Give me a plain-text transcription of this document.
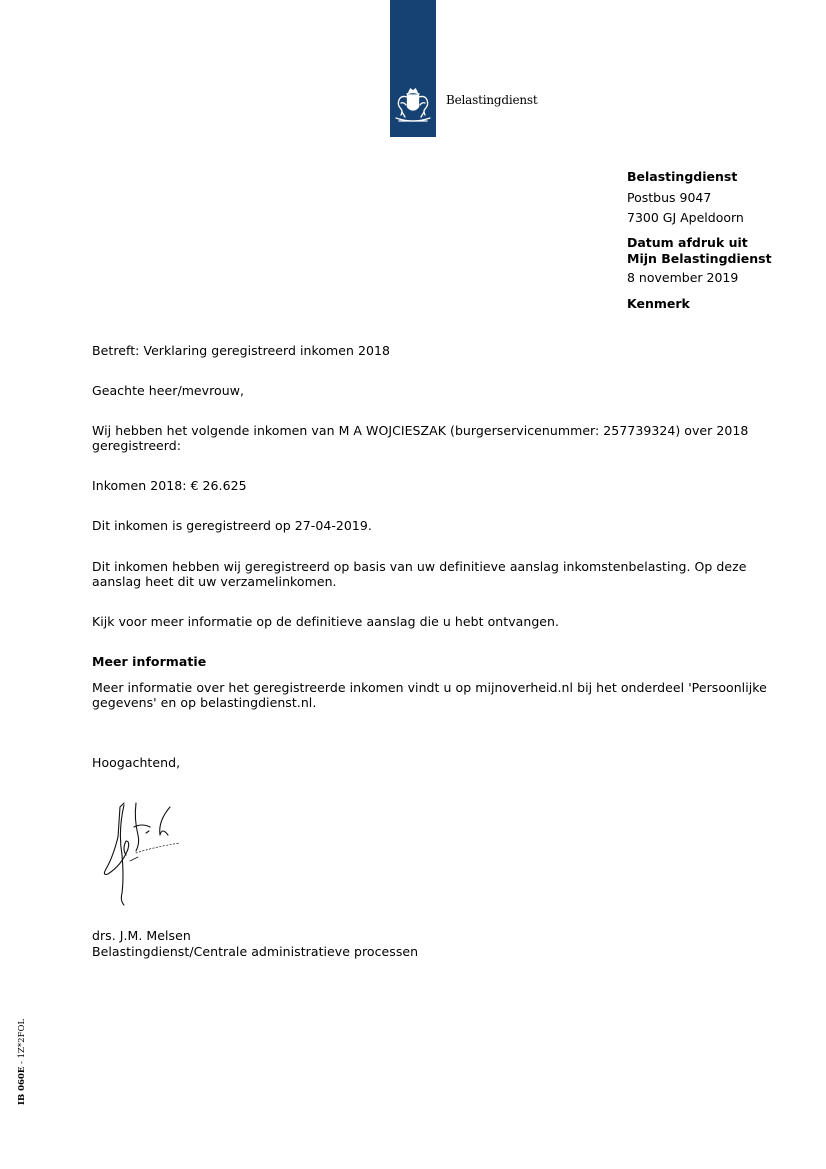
Belastingdienst
Belastingdienst
Postbus 9047
7300 GJ Apeldoorn
Datum afdruk uit
Mijn Belastingdienst
8 november 2019
Kenmerk
Betreft: Verklaring geregistreerd inkomen 2018
Geachte heer/mevrouw,
Wij hebben het volgende inkomen van M A WOJCIESZAK (burgerservicenummer: 257739324) over 2018
geregistreerd:
Inkomen 2018: € 26.625
Dit inkomen is geregistreerd op 27-04-2019.
Dit inkomen hebben wij geregistreerd op basis van uw definitieve aanslag inkomstenbelasting. Op deze
aanslag heet dit uw verzamelinkomen.
Kijk voor meer informatie op de definitieve aanslag die u hebt ontvangen.
Meer informatie
Meer informatie over het geregistreerde inkomen vindt u op mijnoverheid.nl bij het onderdeel 'Persoonlijke
gegevens' en op belastingdienst.nl.
Hoogachtend,
drs. J.M. Melsen
Belastingdienst/Centrale administratieve processen
IB 060E - 1Z*2FOL
